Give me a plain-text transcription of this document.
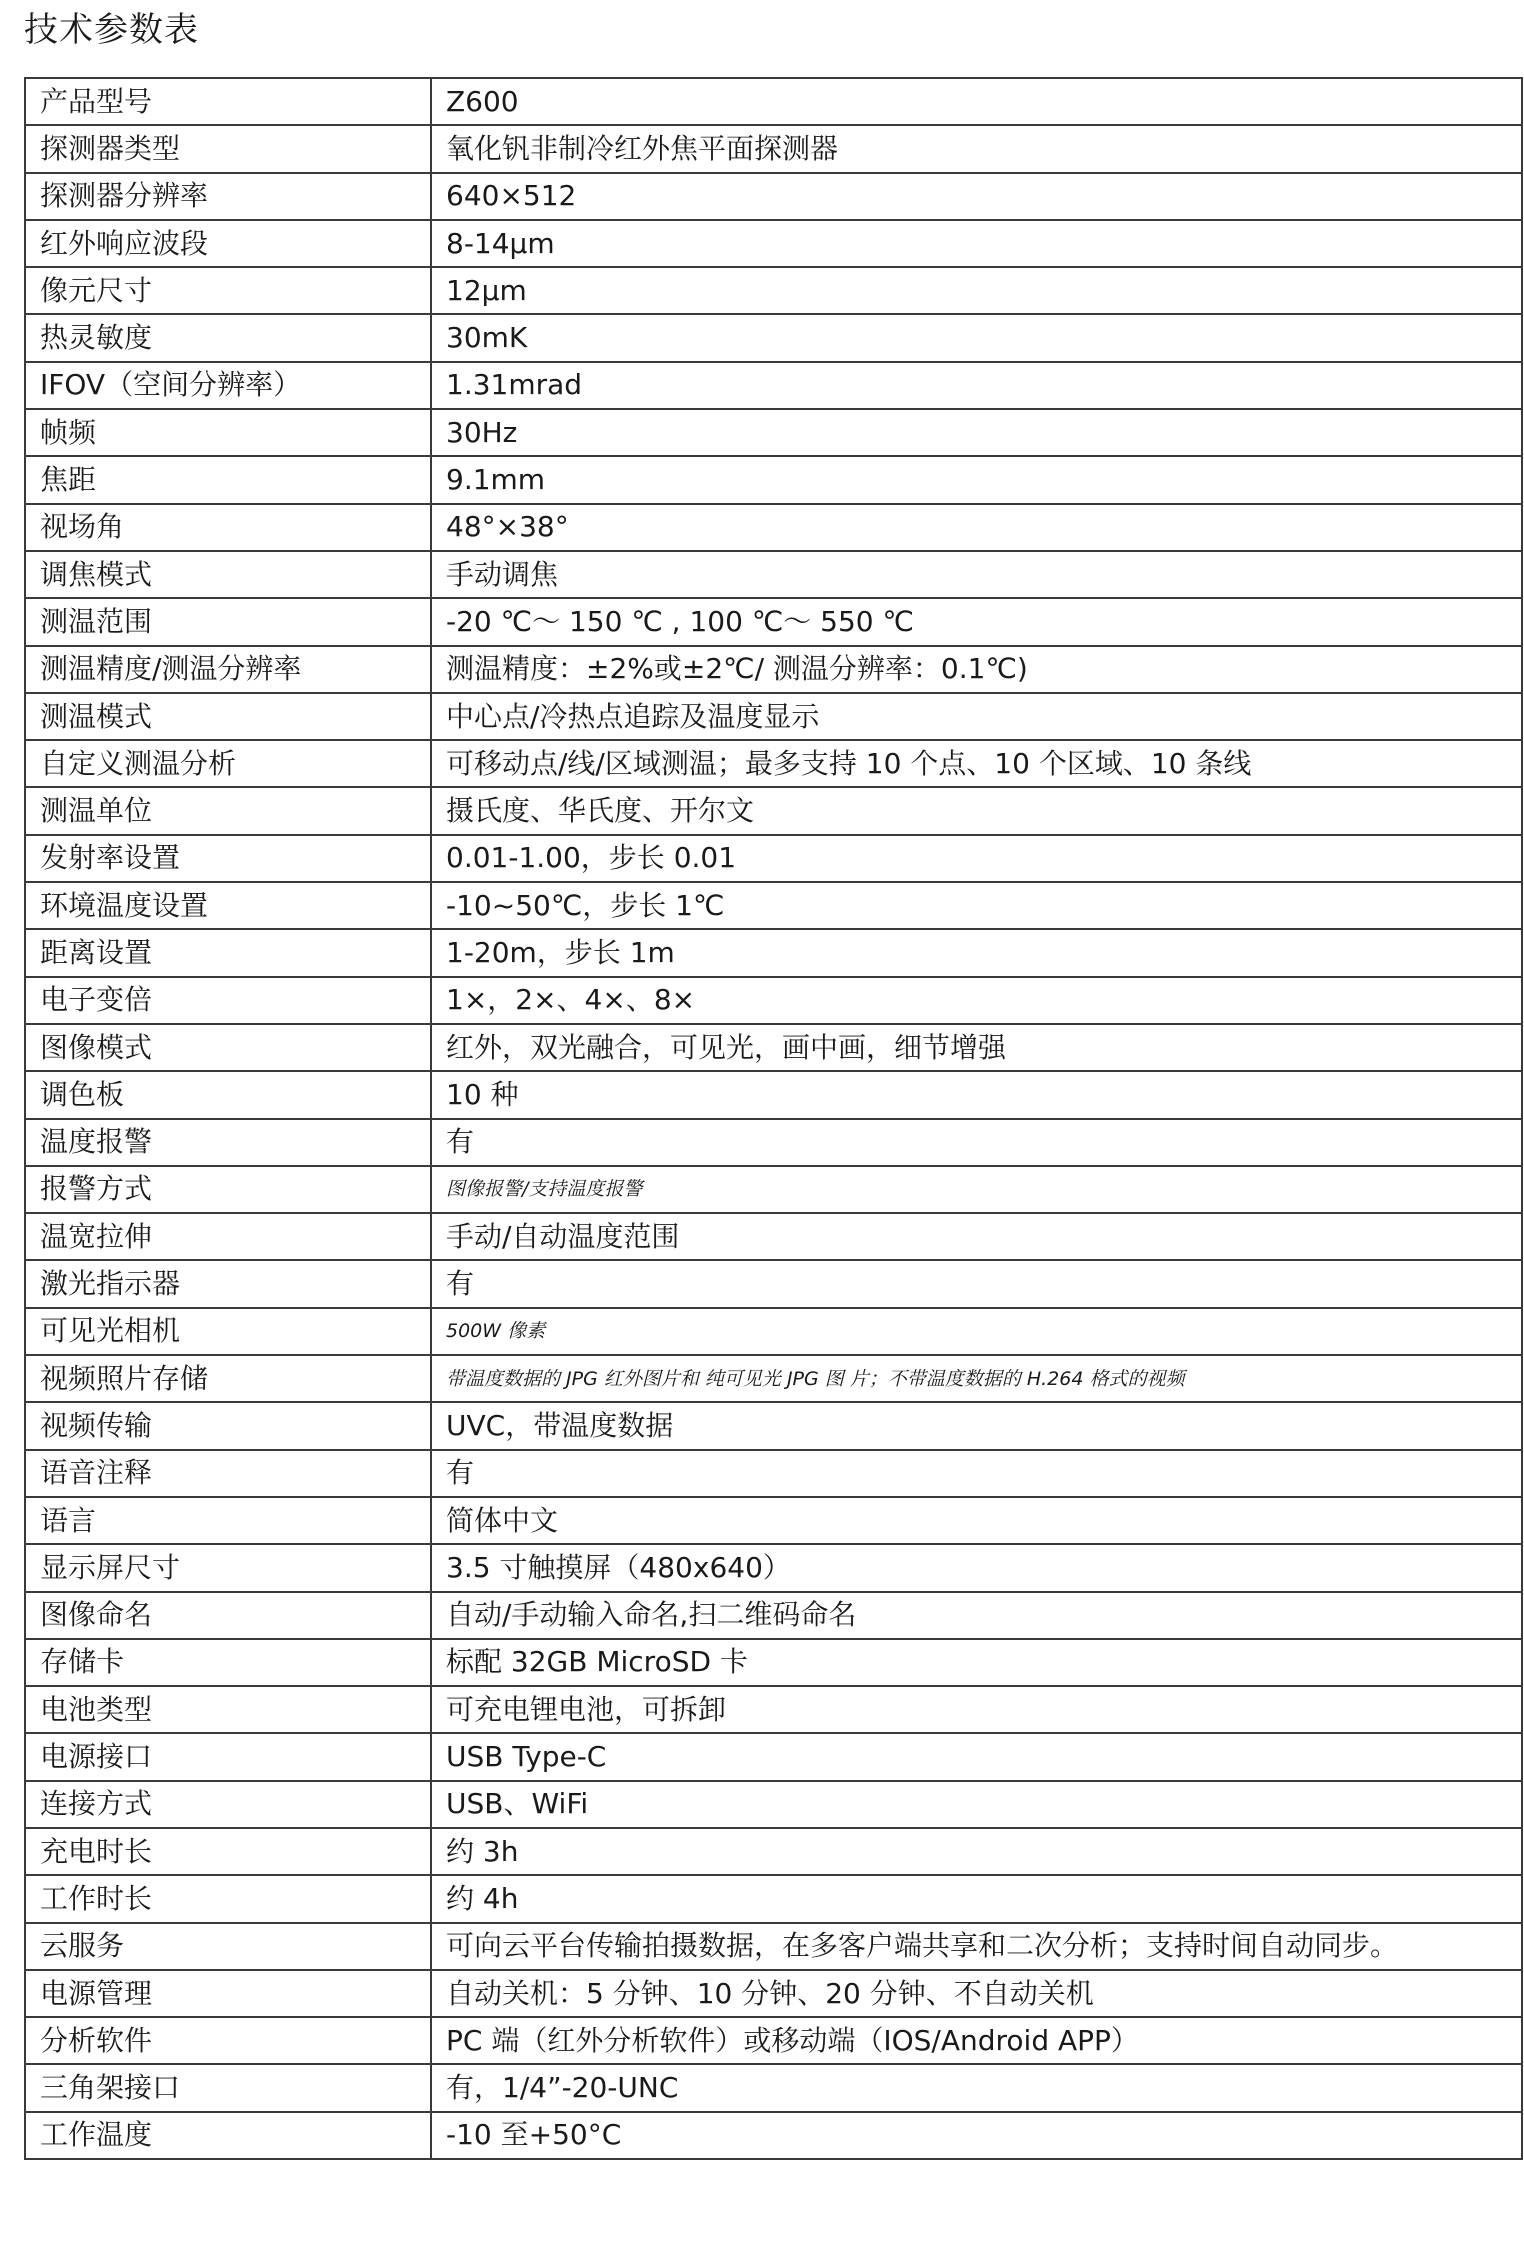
技术参数表
产品型号	Z600
探测器类型	氧化钒非制冷红外焦平面探测器
探测器分辨率	640×512
红外响应波段	8-14μm
像元尺寸	12μm
热灵敏度	30mK
IFOV（空间分辨率）	1.31mrad
帧频	30Hz
焦距	9.1mm
视场角	48°×38°
调焦模式	手动调焦
测温范围	-20 ℃～ 150 ℃ , 100 ℃～ 550 ℃
测温精度/测温分辨率	测温精度：±2%或±2℃/ 测温分辨率：0.1℃)
测温模式	中心点/冷热点追踪及温度显示
自定义测温分析	可移动点/线/区域测温；最多支持 10 个点、10 个区域、10 条线
测温单位	摄氏度、华氏度、开尔文
发射率设置	0.01-1.00，步长 0.01
环境温度设置	-10~50℃，步长 1℃
距离设置	1-20m，步长 1m
电子变倍	1×，2×、4×、8×
图像模式	红外，双光融合，可见光，画中画，细节增强
调色板	10 种
温度报警	有
报警方式	图像报警/支持温度报警
温宽拉伸	手动/自动温度范围
激光指示器	有
可见光相机	500W 像素
视频照片存储	带温度数据的 JPG 红外图片和 纯可见光 JPG 图 片；不带温度数据的 H.264 格式的视频
视频传输	UVC，带温度数据
语音注释	有
语言	简体中文
显示屏尺寸	3.5 寸触摸屏（480x640）
图像命名	自动/手动输入命名,扫二维码命名
存储卡	标配 32GB MicroSD 卡
电池类型	可充电锂电池，可拆卸
电源接口	USB Type-C
连接方式	USB、WiFi
充电时长	约 3h
工作时长	约 4h
云服务	可向云平台传输拍摄数据，在多客户端共享和二次分析；支持时间自动同步。
电源管理	自动关机：5 分钟、10 分钟、20 分钟、不自动关机
分析软件	PC 端（红外分析软件）或移动端（IOS/Android APP）
三角架接口	有，1/4”-20-UNC
工作温度	-10 至+50°C
